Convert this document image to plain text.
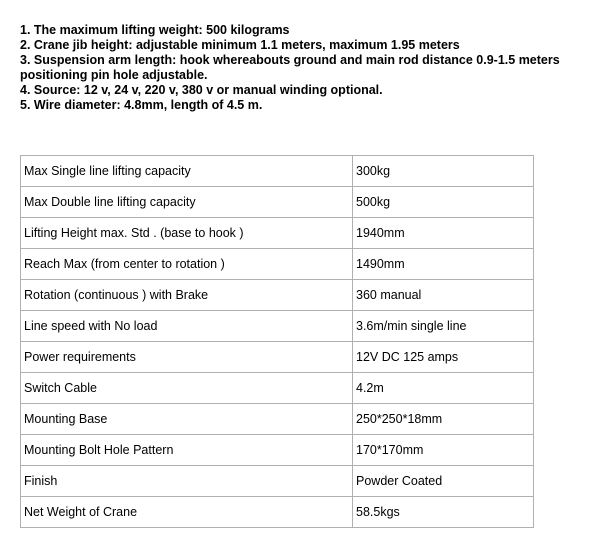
1. The maximum lifting weight: 500 kilograms
2. Crane jib height: adjustable minimum 1.1 meters, maximum 1.95 meters
3. Suspension arm length: hook whereabouts ground and main rod distance 0.9-1.5 meters positioning pin hole adjustable.
4. Source: 12 v, 24 v, 220 v, 380 v or manual winding optional.
5. Wire diameter: 4.8mm, length of 4.5 m.
Max Single line lifting capacity	300kg
Max Double line lifting capacity	500kg
Lifting Height max. Std . (base to hook )	1940mm
Reach Max (from center to rotation )	1490mm
Rotation (continuous ) with Brake	360 manual
Line speed with No load	3.6m/min single line
Power requirements	12V DC 125 amps
Switch Cable	4.2m
Mounting Base	250*250*18mm
Mounting Bolt Hole Pattern	170*170mm
Finish	Powder Coated
Net Weight of Crane	58.5kgs
